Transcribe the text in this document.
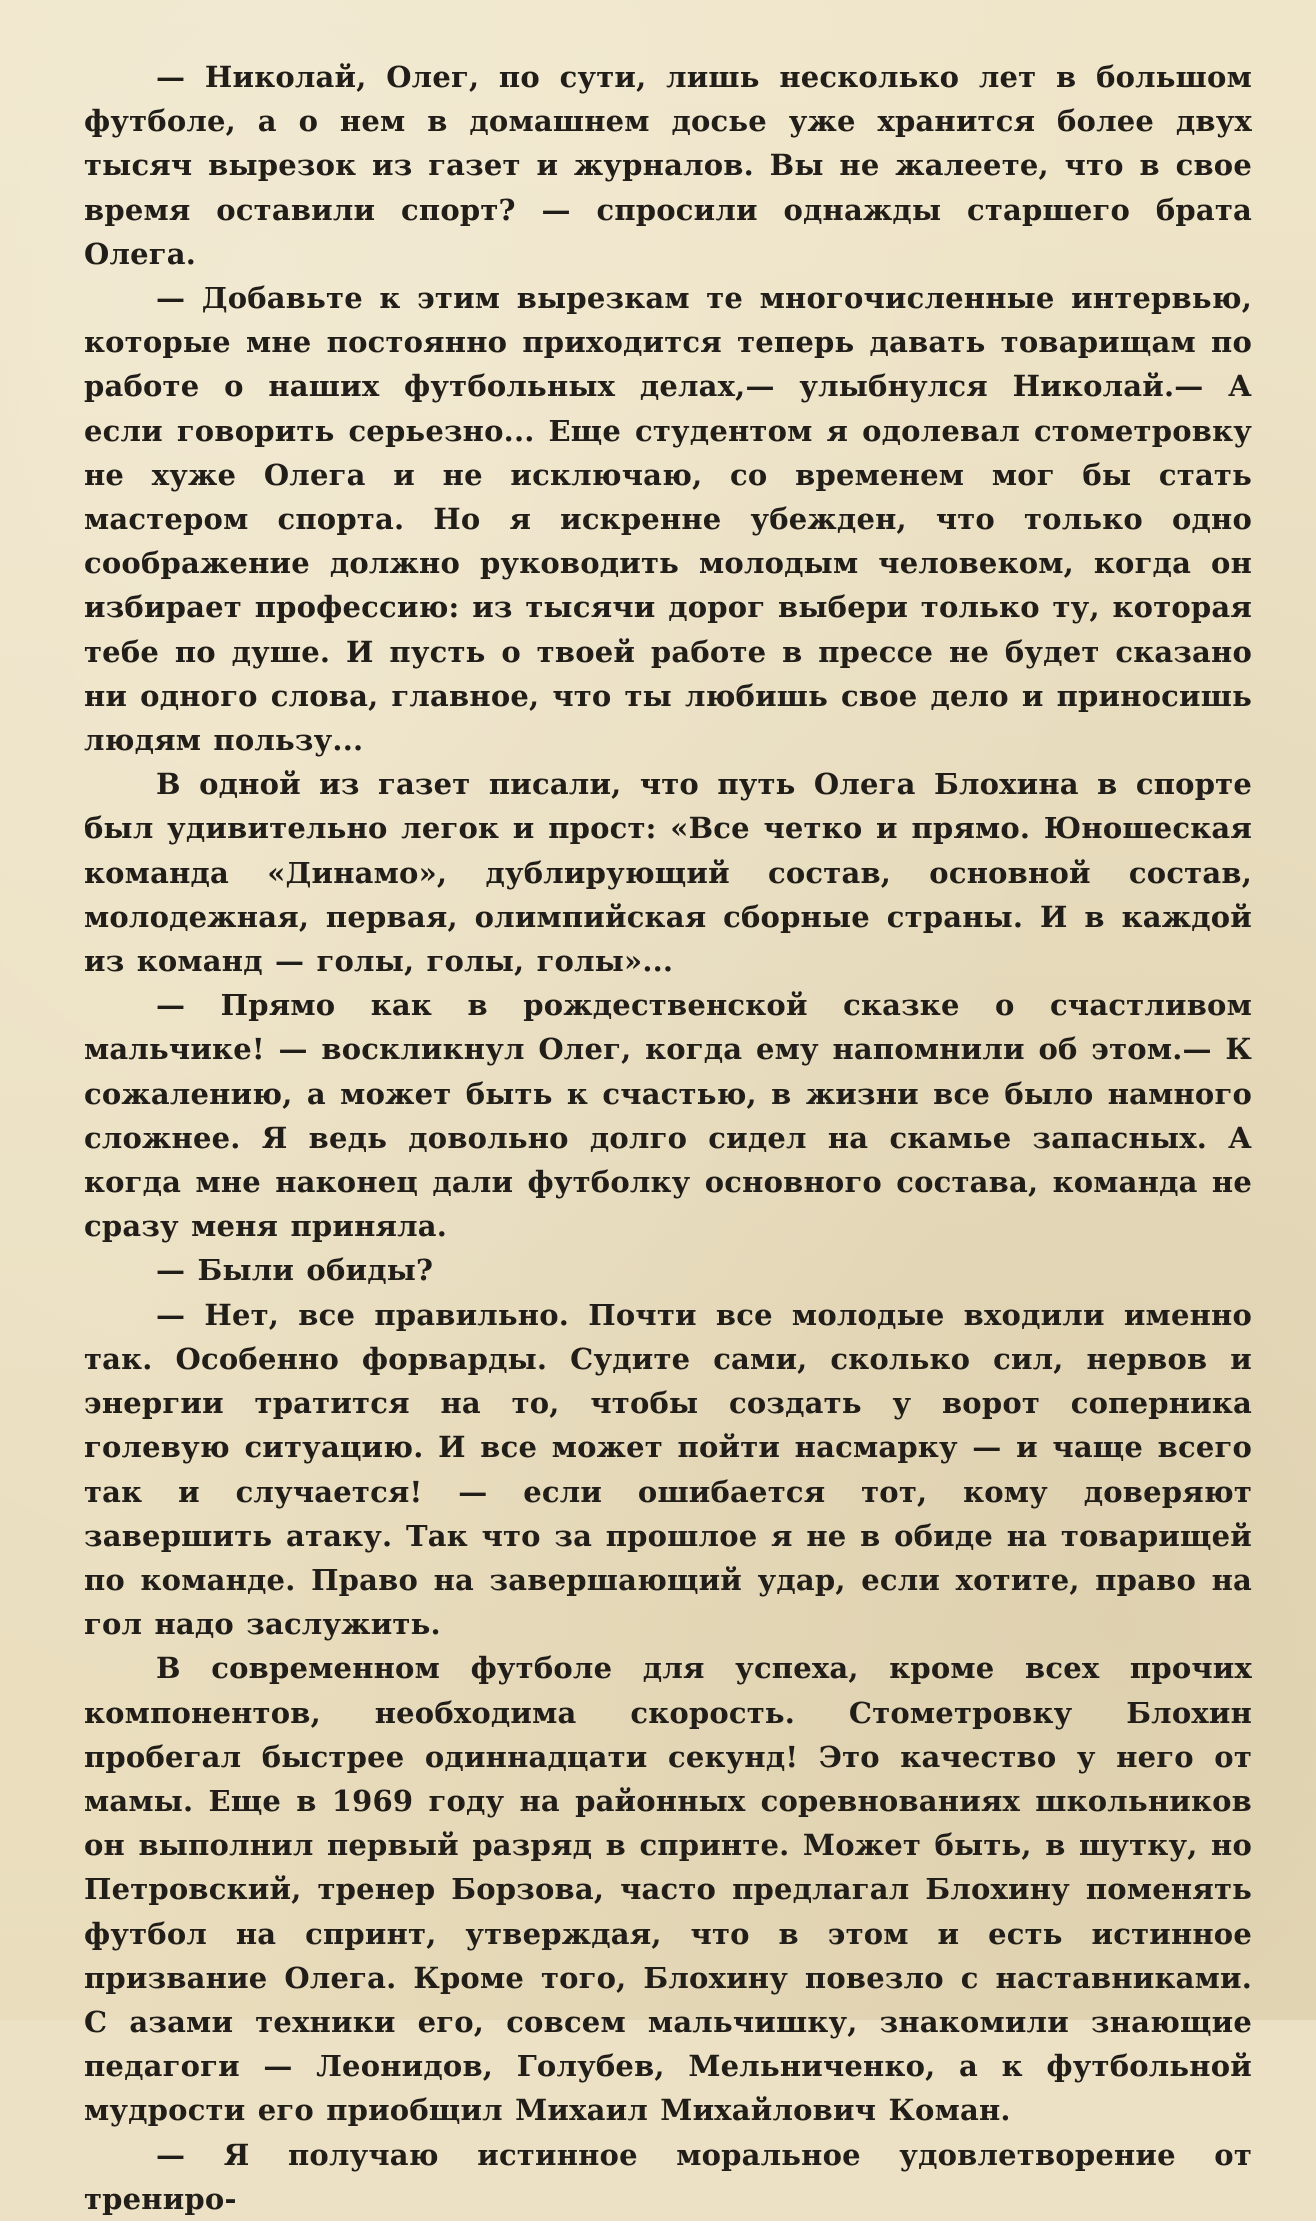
— Николай, Олег, по сути, лишь несколько лет в большом футболе, а о нем в домашнем досье уже хранится более двух тысяч вырезок из газет и журналов. Вы не жалеете, что в свое время оставили спорт? — спросили однажды старшего брата Олега.

— Добавьте к этим вырезкам те многочисленные интервью, которые мне постоянно приходится теперь давать товарищам по работе о наших футбольных делах,— улыбнулся Николай.— А если говорить серьезно... Еще студентом я одолевал стометровку не хуже Олега и не исключаю, со временем мог бы стать мастером спорта. Но я искренне убежден, что только одно соображение должно руководить молодым человеком, когда он избирает профессию: из тысячи дорог выбери только ту, которая тебе по душе. И пусть о твоей работе в прессе не будет сказано ни одного слова, главное, что ты любишь свое дело и приносишь людям пользу...

В одной из газет писали, что путь Олега Блохина в спорте был удивительно легок и прост: «Все четко и прямо. Юношеская команда «Динамо», дублирующий состав, основной состав, молодежная, первая, олимпийская сборные страны. И в каждой из команд — голы, голы, голы»...

— Прямо как в рождественской сказке о счастливом мальчике! — воскликнул Олег, когда ему напомнили об этом.— К сожалению, а может быть к счастью, в жизни все было намного сложнее. Я ведь довольно долго сидел на скамье запасных. А когда мне наконец дали футболку основного состава, команда не сразу меня приняла.

— Были обиды?

— Нет, все правильно. Почти все молодые входили именно так. Особенно форварды. Судите сами, сколько сил, нервов и энергии тратится на то, чтобы создать у ворот соперника голевую ситуацию. И все может пойти насмарку — и чаще всего так и случается! — если ошибается тот, кому доверяют завершить атаку. Так что за прошлое я не в обиде на товарищей по команде. Право на завершающий удар, если хотите, право на гол надо заслужить.

В современном футболе для успеха, кроме всех прочих компонентов, необходима скорость. Стометровку Блохин пробегал быстрее одиннадцати секунд! Это качество у него от мамы. Еще в 1969 году на районных соревнованиях школьников он выполнил первый разряд в спринте. Может быть, в шутку, но Петровский, тренер Борзова, часто предлагал Блохину поменять футбол на спринт, утверждая, что в этом и есть истинное призвание Олега. Кроме того, Блохину повезло с наставниками. С азами техники его, совсем мальчишку, знакомили знающие педагоги — Леонидов, Голубев, Мельниченко, а к футбольной мудрости его приобщил Михаил Михайлович Коман.

— Я получаю истинное моральное удовлетворение от трениро-
